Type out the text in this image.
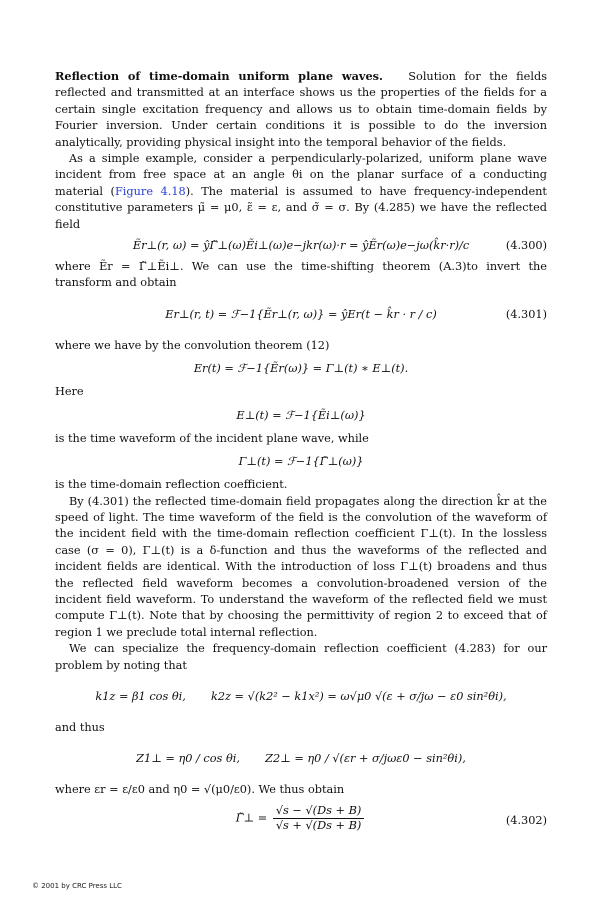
Reflection of time-domain uniform plane waves. Solution for the fields reflected and transmitted at an interface shows us the properties of the fields for a certain single excitation frequency and allows us to obtain time-domain fields by Fourier inversion. Under certain conditions it is possible to do the inversion analytically, providing physical insight into the temporal behavior of the fields.

As a simple example, consider a perpendicularly-polarized, uniform plane wave incident from free space at an angle θi on the planar surface of a conducting material (Figure 4.18). The material is assumed to have frequency-independent constitutive parameters μ̃ = μ0, ε̃ = ε, and σ̃ = σ. By (4.285) we have the reflected field

Ẽr⊥(r, ω) = ŷΓ̃⊥(ω)Ẽi⊥(ω)e−jkr(ω)·r = ŷẼr(ω)e−jω(k̂r·r)/c	(4.300)

where Ẽr = Γ̃⊥Ẽi⊥. We can use the time-shifting theorem (A.3)to invert the transform and obtain

Er⊥(r, t) = ℱ−1{Ẽr⊥(r, ω)} = ŷEr(t − k̂r · r / c)	(4.301)

where we have by the convolution theorem (12)

Er(t) = ℱ−1{Ẽr(ω)} = Γ⊥(t) ∗ E⊥(t).

Here

E⊥(t) = ℱ−1{Ẽi⊥(ω)}

is the time waveform of the incident plane wave, while

Γ⊥(t) = ℱ−1{Γ̃⊥(ω)}

is the time-domain reflection coefficient.

By (4.301) the reflected time-domain field propagates along the direction k̂r at the speed of light. The time waveform of the field is the convolution of the waveform of the incident field with the time-domain reflection coefficient Γ⊥(t). In the lossless case (σ = 0), Γ⊥(t) is a δ-function and thus the waveforms of the reflected and incident fields are identical. With the introduction of loss Γ⊥(t) broadens and thus the reflected field waveform becomes a convolution-broadened version of the incident field waveform. To understand the waveform of the reflected field we must compute Γ⊥(t). Note that by choosing the permittivity of region 2 to exceed that of region 1 we preclude total internal reflection.

We can specialize the frequency-domain reflection coefficient (4.283) for our problem by noting that

k1z = β1 cos θi, k2z = √(k2² − k1x²) = ω√μ0 √(ε + σ/jω − ε0 sin²θi),

and thus

Z1⊥ = η0 / cos θi, Z2⊥ = η0 / √(εr + σ/jωε0 − sin²θi),

where εr = ε/ε0 and η0 = √(μ0/ε0). We thus obtain

Γ̃⊥ = $\frac{√s - √(Ds + B)}{√s + √(Ds + B)}$	(4.302)
© 2001 by CRC Press LLC
